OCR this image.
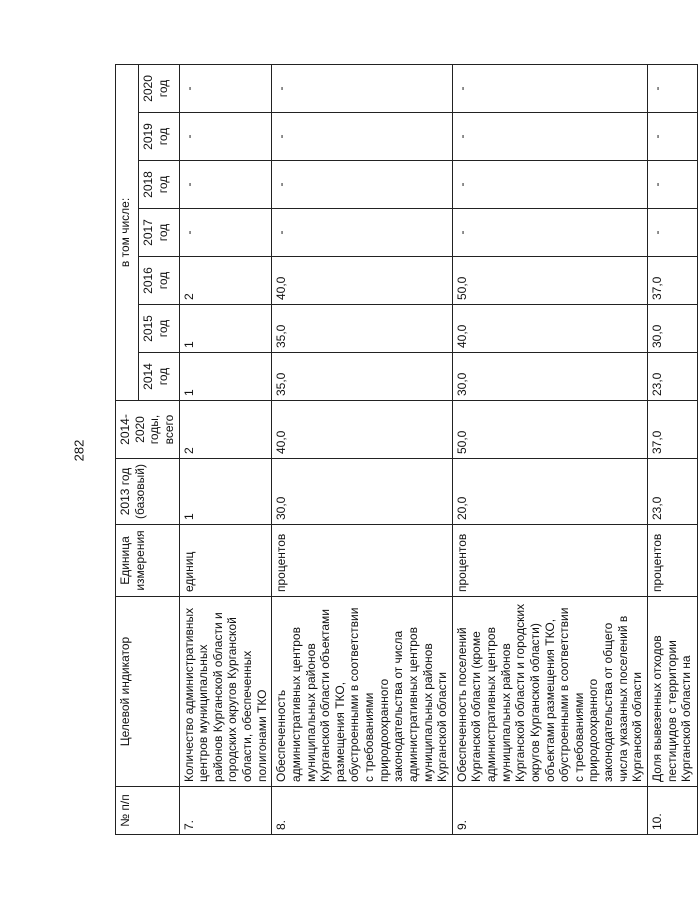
282
№ п/п	Целевой индикатор	Единица измерения	2013 год (базовый)	2014-2020 годы, всего	в том числе:						
					2014 год	2015 год	2016 год	2017 год	2018 год	2019 год	2020 год
7.	Количество административных центров муниципальных районов Курганской области и городских округов Курганской области, обеспеченных полигонами ТКО	единиц	1	2	1	1	2	-	-	-	-
8.	Обеспеченность административных центров муниципальных районов Курганской области объектами размещения ТКО, обустроенными в соответствии с требованиями природоохранного законодательства от числа административных центров муниципальных районов Курганской области	процентов	30,0	40,0	35,0	35,0	40,0	-	-	-	-
9.	Обеспеченность поселений Курганской области (кроме административных центров муниципальных районов Курганской области и городских округов Курганской области) объектами размещения ТКО, обустроенными в соответствии с требованиями природоохранного законодательства от общего числа указанных поселений в Курганской области	процентов	20,0	50,0	30,0	40,0	50,0	-	-	-	-
10.	Доля вывезенных отходов пестицидов с территории Курганской области на	процентов	23,0	37,0	23,0	30,0	37,0	-	-	-	-
